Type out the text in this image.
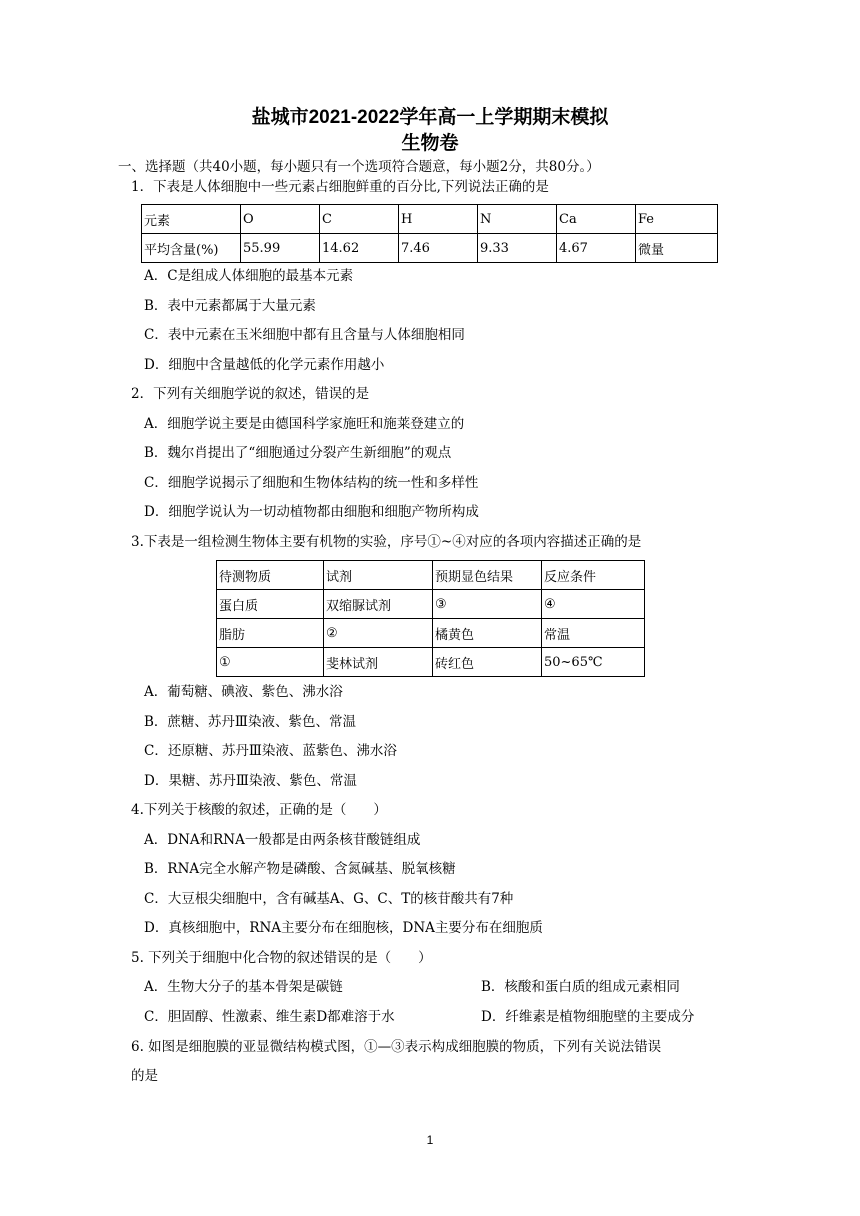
盐城市2021-2022学年高一上学期期末模拟
生物卷
一、选择题（共40小题，每小题只有一个选项符合题意，每小题2分，共80分。）
1．下表是人体细胞中一些元素占细胞鲜重的百分比,下列说法正确的是
元素	O	C	H	N	Ca	Fe
平均含量(%)	55.99	14.62	7.46	9.33	4.67	微量
A．C是组成人体细胞的最基本元素
B．表中元素都属于大量元素
C．表中元素在玉米细胞中都有且含量与人体细胞相同
D．细胞中含量越低的化学元素作用越小
2．下列有关细胞学说的叙述，错误的是
A．细胞学说主要是由德国科学家施旺和施莱登建立的
B．魏尔肖提出了“细胞通过分裂产生新细胞”的观点
C．细胞学说揭示了细胞和生物体结构的统一性和多样性
D．细胞学说认为一切动植物都由细胞和细胞产物所构成
3.下表是一组检测生物体主要有机物的实验，序号①~④对应的各项内容描述正确的是
待测物质	试剂	预期显色结果	反应条件
蛋白质	双缩脲试剂	③	④
脂肪	②	橘黄色	常温
①	斐林试剂	砖红色	50~65℃
A．葡萄糖、碘液、紫色、沸水浴
B．蔗糖、苏丹Ⅲ染液、紫色、常温
C．还原糖、苏丹Ⅲ染液、蓝紫色、沸水浴
D．果糖、苏丹Ⅲ染液、紫色、常温
4.下列关于核酸的叙述，正确的是（　　）
A．DNA和RNA一般都是由两条核苷酸链组成
B．RNA完全水解产物是磷酸、含氮碱基、脱氧核糖
C．大豆根尖细胞中，含有碱基A、G、C、T的核苷酸共有7种
D．真核细胞中，RNA主要分布在细胞核，DNA主要分布在细胞质
5. 下列关于细胞中化合物的叙述错误的是（　　）
A．生物大分子的基本骨架是碳链	B．核酸和蛋白质的组成元素相同
C．胆固醇、性激素、维生素D都难溶于水	D．纤维素是植物细胞壁的主要成分
6. 如图是细胞膜的亚显微结构模式图，①—③表示构成细胞膜的物质，下列有关说法错误
的是
1
